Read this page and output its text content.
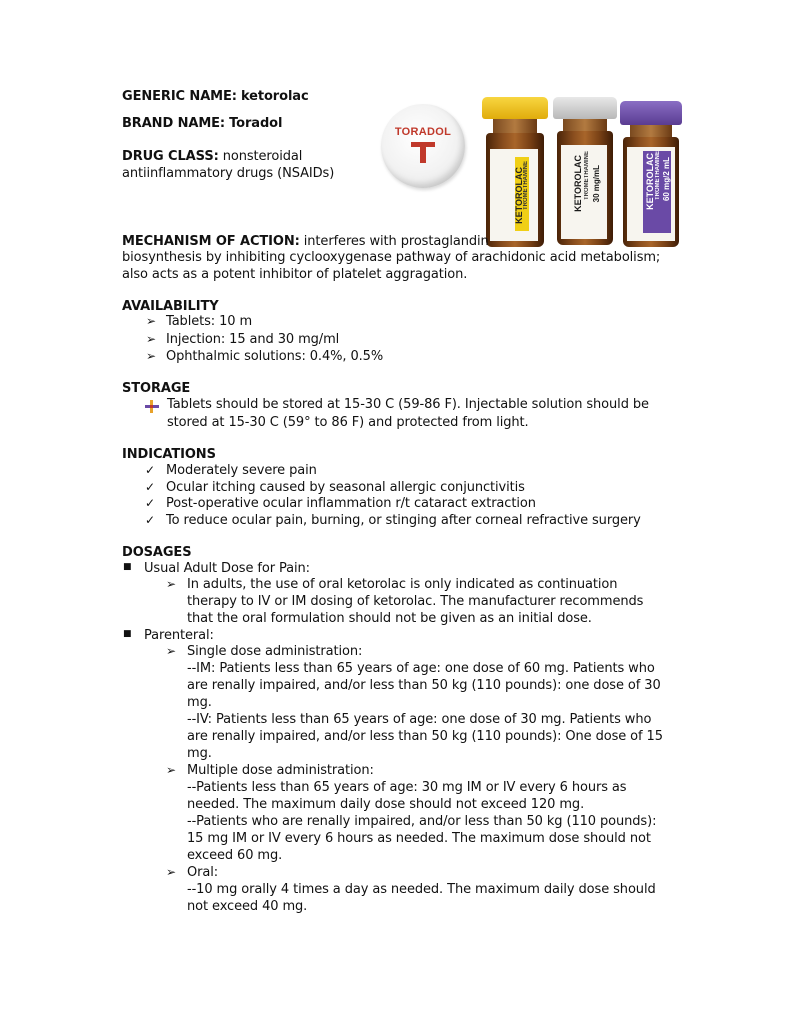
GENERIC NAME: ketorolac
BRAND NAME: Toradol
DRUG CLASS: nonsteroidal
antiinflammatory drugs (NSAIDs)
TORADOL
KETOROLAC TROMETHAMINE	KETOROLAC TROMETHAMINE 30 mg/mL	KETOROLAC TROMETHAMINE 60 mg/2 mL
MECHANISM OF ACTION: interferes with prostaglandin
biosynthesis by inhibiting cyclooxygenase pathway of arachidonic acid metabolism;
also acts as a potent inhibitor of platelet aggragation.
AVAILABILITY
➢ Tablets: 10 m
➢ Injection: 15 and 30 mg/ml
➢ Ophthalmic solutions: 0.4%, 0.5%
STORAGE
Tablets should be stored at 15-30 C (59-86 F). Injectable solution should be
stored at 15-30 C (59° to 86 F) and protected from light.
INDICATIONS
✓ Moderately severe pain
✓ Ocular itching caused by seasonal allergic conjunctivitis
✓ Post-operative ocular inflammation r/t cataract extraction
✓ To reduce ocular pain, burning, or stinging after corneal refractive surgery
DOSAGES
■ Usual Adult Dose for Pain:
➢ In adults, the use of oral ketorolac is only indicated as continuation
therapy to IV or IM dosing of ketorolac. The manufacturer recommends
that the oral formulation should not be given as an initial dose.
■ Parenteral:
➢ Single dose administration:
--IM: Patients less than 65 years of age: one dose of 60 mg. Patients who
are renally impaired, and/or less than 50 kg (110 pounds): one dose of 30
mg.
--IV: Patients less than 65 years of age: one dose of 30 mg. Patients who
are renally impaired, and/or less than 50 kg (110 pounds): One dose of 15
mg.
➢ Multiple dose administration:
--Patients less than 65 years of age: 30 mg IM or IV every 6 hours as
needed. The maximum daily dose should not exceed 120 mg.
--Patients who are renally impaired, and/or less than 50 kg (110 pounds):
15 mg IM or IV every 6 hours as needed. The maximum dose should not
exceed 60 mg.
➢ Oral:
--10 mg orally 4 times a day as needed. The maximum daily dose should
not exceed 40 mg.
